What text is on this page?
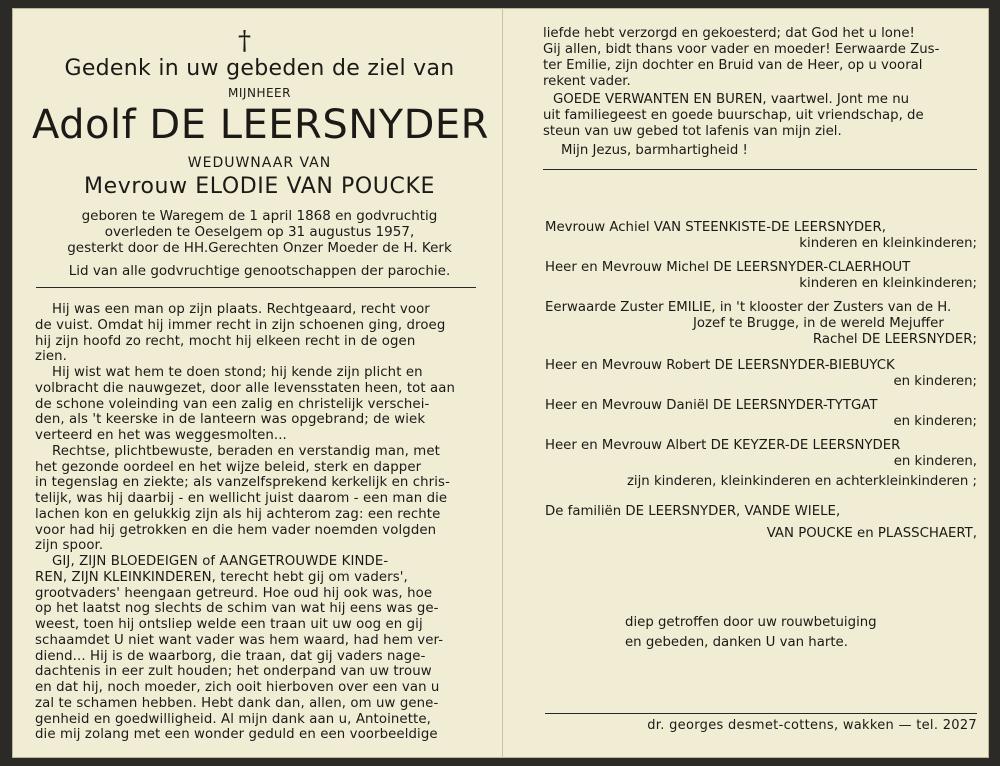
†
Gedenk in uw gebeden de ziel van
MIJNHEER
Adolf DE LEERSNYDER
WEDUWNAAR VAN
Mevrouw ELODIE VAN POUCKE
geboren te Waregem de 1 april 1868 en godvruchtig
overleden te Oeselgem op 31 augustus 1957,
gesterkt door de HH.Gerechten Onzer Moeder de H. Kerk
Lid van alle godvruchtige genootschappen der parochie.
Hij was een man op zijn plaats. Rechtgeaard, recht voor
de vuist. Omdat hij immer recht in zijn schoenen ging, droeg
hij zijn hoofd zo recht, mocht hij elkeen recht in de ogen
zien.
Hij wist wat hem te doen stond; hij kende zijn plicht en
volbracht die nauwgezet, door alle levensstaten heen, tot aan
de schone voleinding van een zalig en christelijk verschei-
den, als 't keerske in de lanteern was opgebrand; de wiek
verteerd en het was weggesmolten...
Rechtse, plichtbewuste, beraden en verstandig man, met
het gezonde oordeel en het wijze beleid, sterk en dapper
in tegenslag en ziekte; als vanzelfsprekend kerkelijk en chris-
telijk, was hij daarbij - en wellicht juist daarom - een man die
lachen kon en gelukkig zijn als hij achterom zag: een rechte
voor had hij getrokken en die hem vader noemden volgden
zijn spoor.
GIJ, ZIJN BLOEDEIGEN of AANGETROUWDE KINDE-
REN, ZIJN KLEINKINDEREN, terecht hebt gij om vaders',
grootvaders' heengaan getreurd. Hoe oud hij ook was, hoe
op het laatst nog slechts de schim van wat hij eens was ge-
weest, toen hij ontsliep welde een traan uit uw oog en gij
schaamdet U niet want vader was hem waard, had hem ver-
diend... Hij is de waarborg, die traan, dat gij vaders nage-
dachtenis in eer zult houden; het onderpand van uw trouw
en dat hij, noch moeder, zich ooit hierboven over een van u
zal te schamen hebben. Hebt dank dan, allen, om uw gene-
genheid en goedwilligheid. Al mijn dank aan u, Antoinette,
die mij zolang met een wonder geduld en een voorbeeldige
liefde hebt verzorgd en gekoesterd; dat God het u lone!
Gij allen, bidt thans voor vader en moeder! Eerwaarde Zus-
ter Emilie, zijn dochter en Bruid van de Heer, op u vooral
rekent vader.
GOEDE VERWANTEN EN BUREN, vaartwel. Jont me nu
uit familiegeest en goede buurschap, uit vriendschap, de
steun van uw gebed tot lafenis van mijn ziel.
Mijn Jezus, barmhartigheid !
Mevrouw Achiel VAN STEENKISTE-DE LEERSNYDER,
kinderen en kleinkinderen;
Heer en Mevrouw Michel DE LEERSNYDER-CLAERHOUT
kinderen en kleinkinderen;
Eerwaarde Zuster EMILIE, in 't klooster der Zusters van de H.
Jozef te Brugge, in de wereld Mejuffer
Rachel DE LEERSNYDER;
Heer en Mevrouw Robert DE LEERSNYDER-BIEBUYCK
en kinderen;
Heer en Mevrouw Daniël DE LEERSNYDER-TYTGAT
en kinderen;
Heer en Mevrouw Albert DE KEYZER-DE LEERSNYDER
en kinderen,
zijn kinderen, kleinkinderen en achterkleinkinderen ;
De familiën DE LEERSNYDER, VANDE WIELE,
VAN POUCKE en PLASSCHAERT,
diep getroffen door uw rouwbetuiging
en gebeden, danken U van harte.
dr. georges desmet-cottens, wakken — tel. 2027
